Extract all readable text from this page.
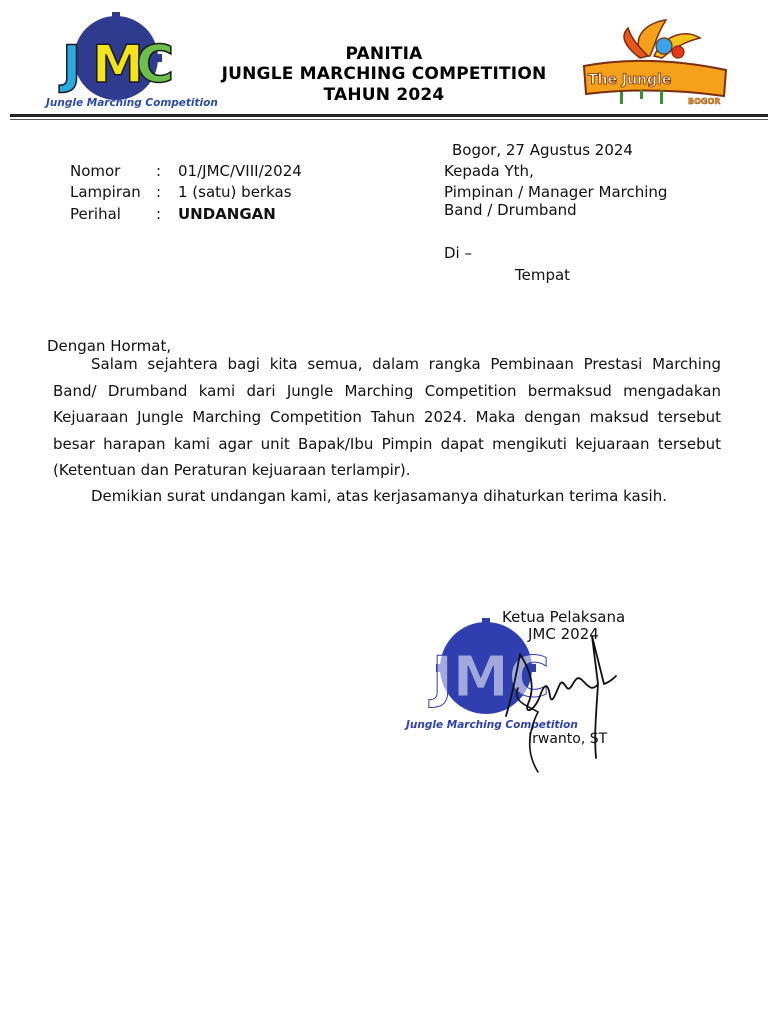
J M
C
Jungle Marching Competition
PANITIA
JUNGLE MARCHING COMPETITION
TAHUN 2024
The Jungle
BOGOR
Bogor, 27 Agustus 2024
Nomor : 01/JMC/VIII/2024
Lampiran : 1 (satu) berkas
Perihal : UNDANGAN
Kepada Yth,
Pimpinan / Manager Marching
Band / Drumband
Di –
Tempat
Dengan Hormat,
Salam sejahtera bagi kita semua, dalam rangka Pembinaan Prestasi Marching
Band/ Drumband kami dari Jungle Marching Competition bermaksud mengadakan
Kejuaraan Jungle Marching Competition Tahun 2024. Maka dengan maksud tersebut
besar harapan kami agar unit Bapak/Ibu Pimpin dapat mengikuti kejuaraan tersebut
(Ketentuan dan Peraturan kejuaraan terlampir).
Demikian surat undangan kami, atas kerjasamanya dihaturkan terima kasih.
JMC
Jungle Marching Competition
Ketua Pelaksana
JMC 2024
Irwanto, ST
